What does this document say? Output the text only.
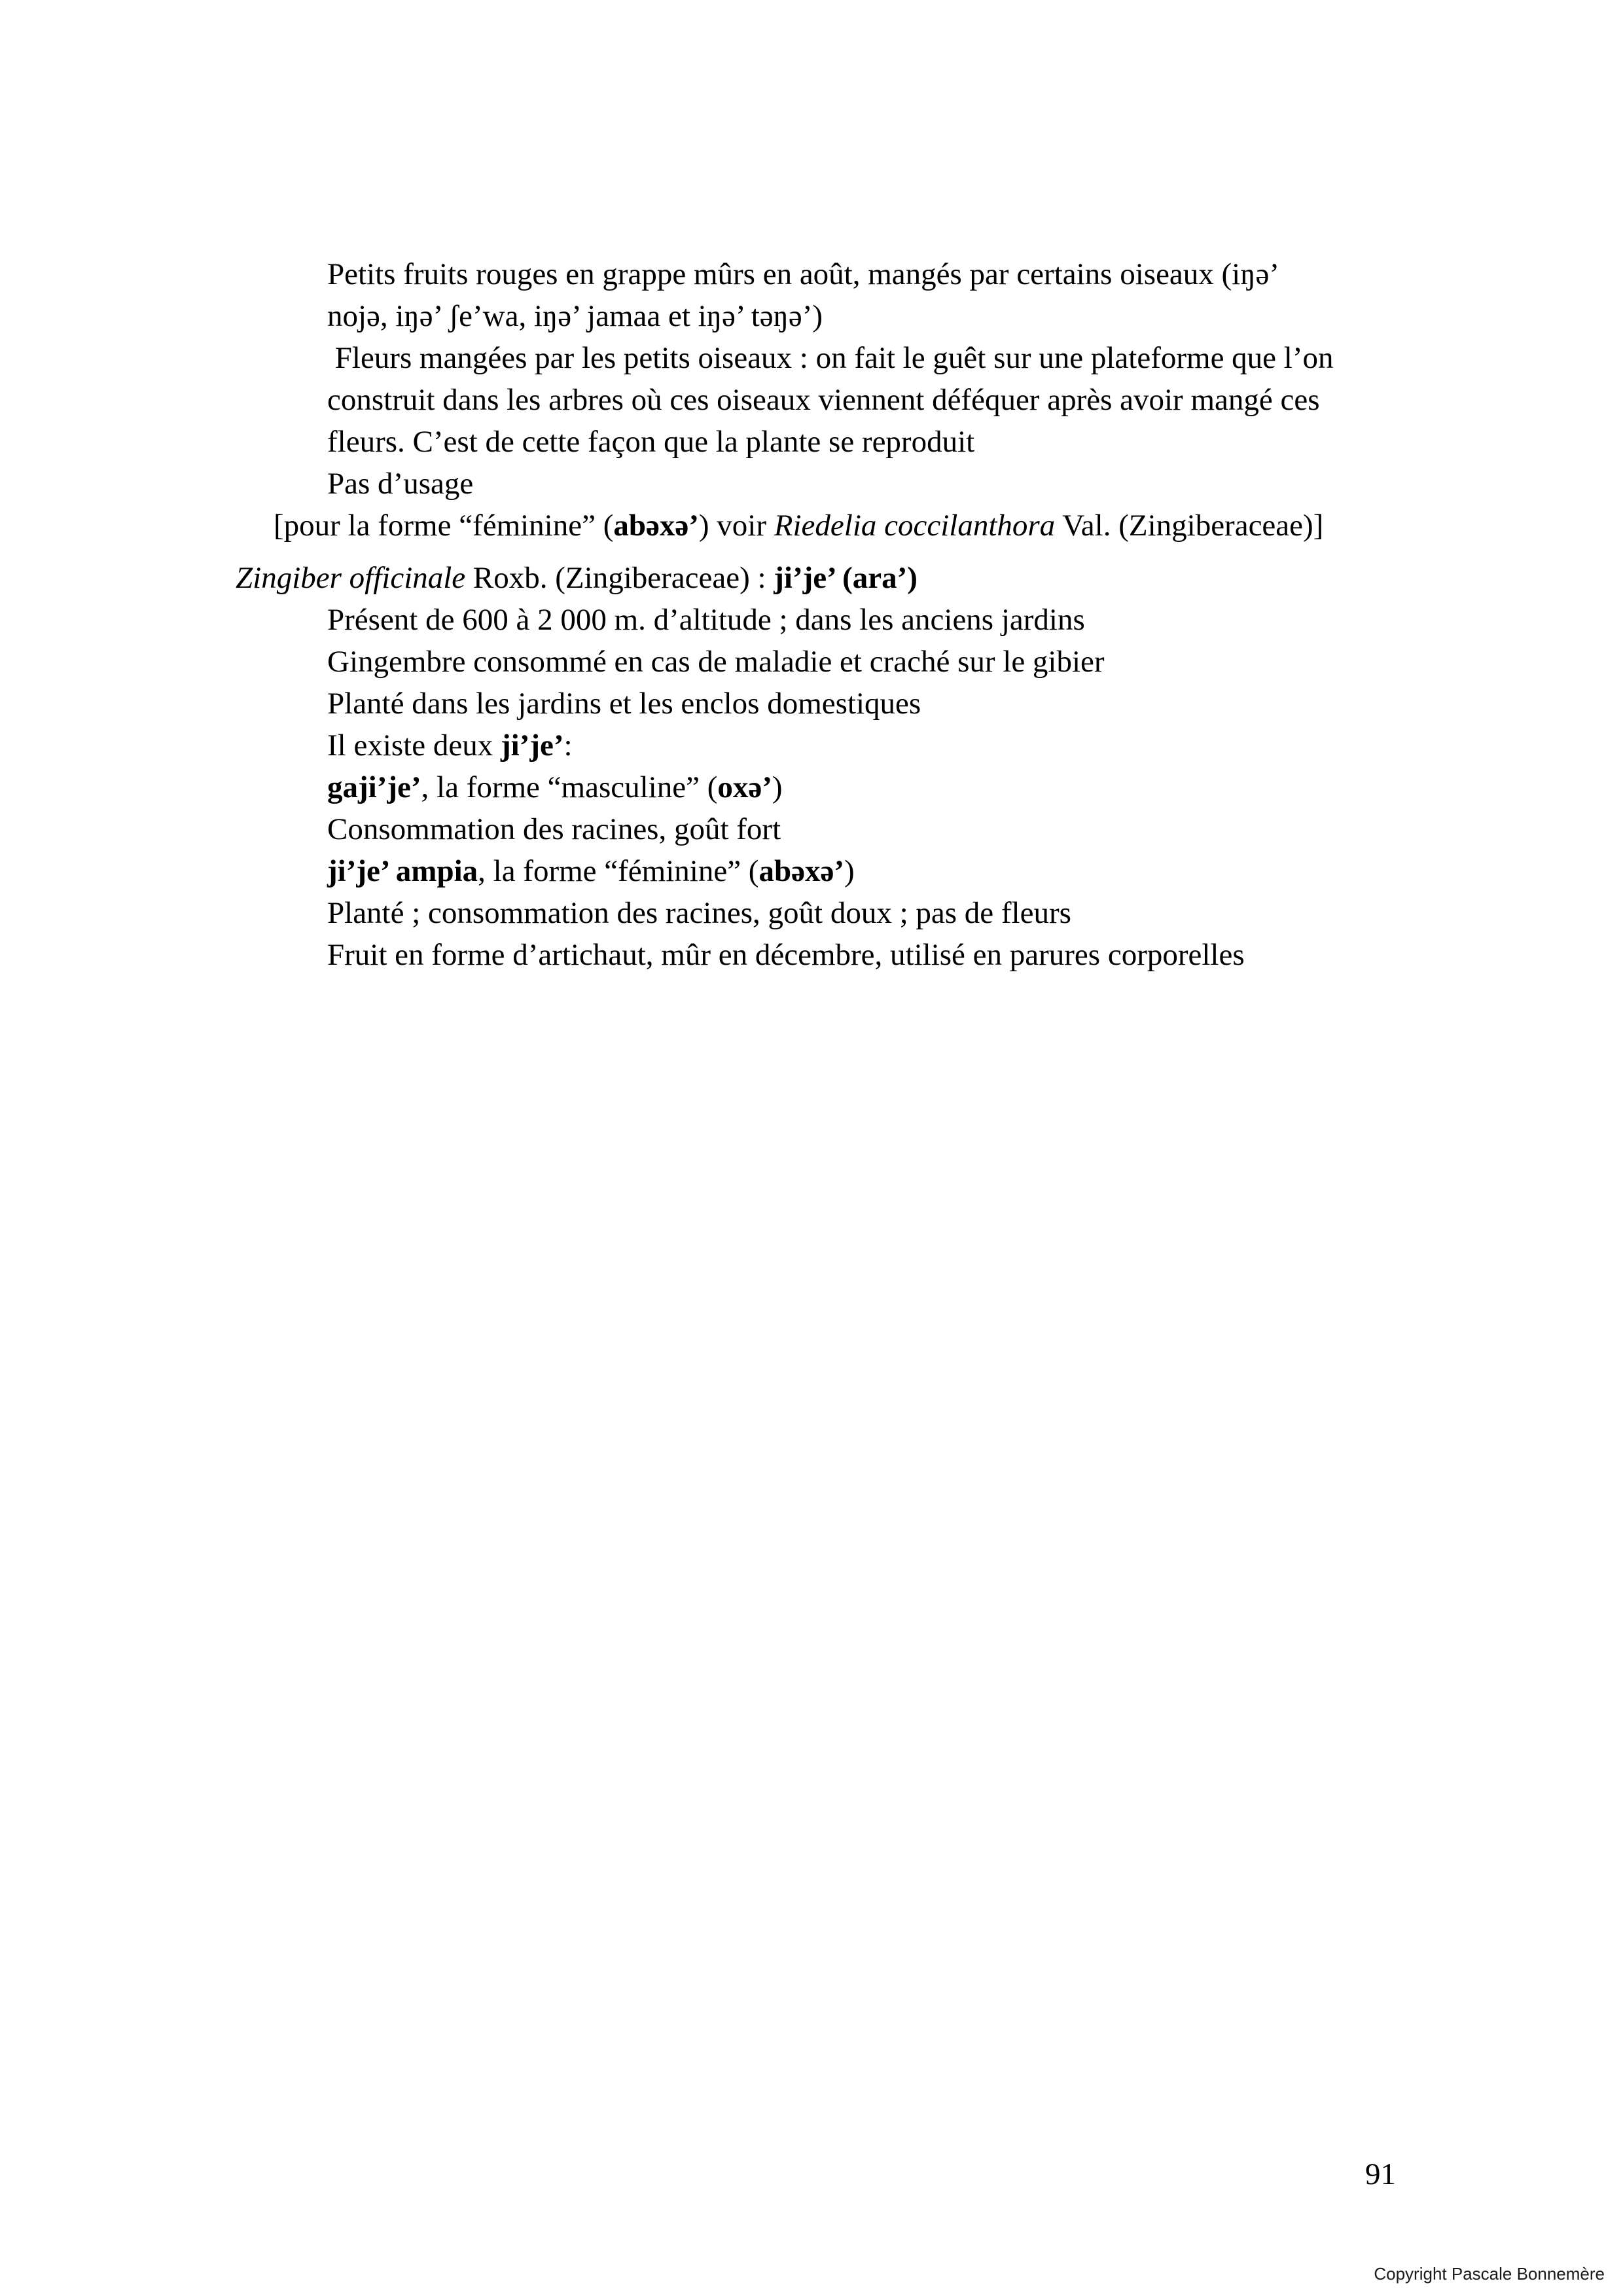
Petits fruits rouges en grappe mûrs en août, mangés par certains oiseaux (iŋə’
nojə, iŋə’ ʃe’wa, iŋə’ jamaa et iŋə’ təŋə’)
Fleurs mangées par les petits oiseaux : on fait le guêt sur une plateforme que l’on
construit dans les arbres où ces oiseaux viennent déféquer après avoir mangé ces
fleurs. C’est de cette façon que la plante se reproduit
Pas d’usage
[pour la forme “féminine” (abəxə’) voir Riedelia coccilanthora Val. (Zingiberaceae)]
Zingiber officinale Roxb. (Zingiberaceae) : ji’je’ (ara’)
Présent de 600 à 2 000 m. d’altitude ; dans les anciens jardins
Gingembre consommé en cas de maladie et craché sur le gibier
Planté dans les jardins et les enclos domestiques
Il existe deux ji’je’:
gaji’je’, la forme “masculine” (oxə’)
Consommation des racines, goût fort
ji’je’ ampia, la forme “féminine” (abəxə’)
Planté ; consommation des racines, goût doux ; pas de fleurs
Fruit en forme d’artichaut, mûr en décembre, utilisé en parures corporelles
91
Copyright Pascale Bonnemère
